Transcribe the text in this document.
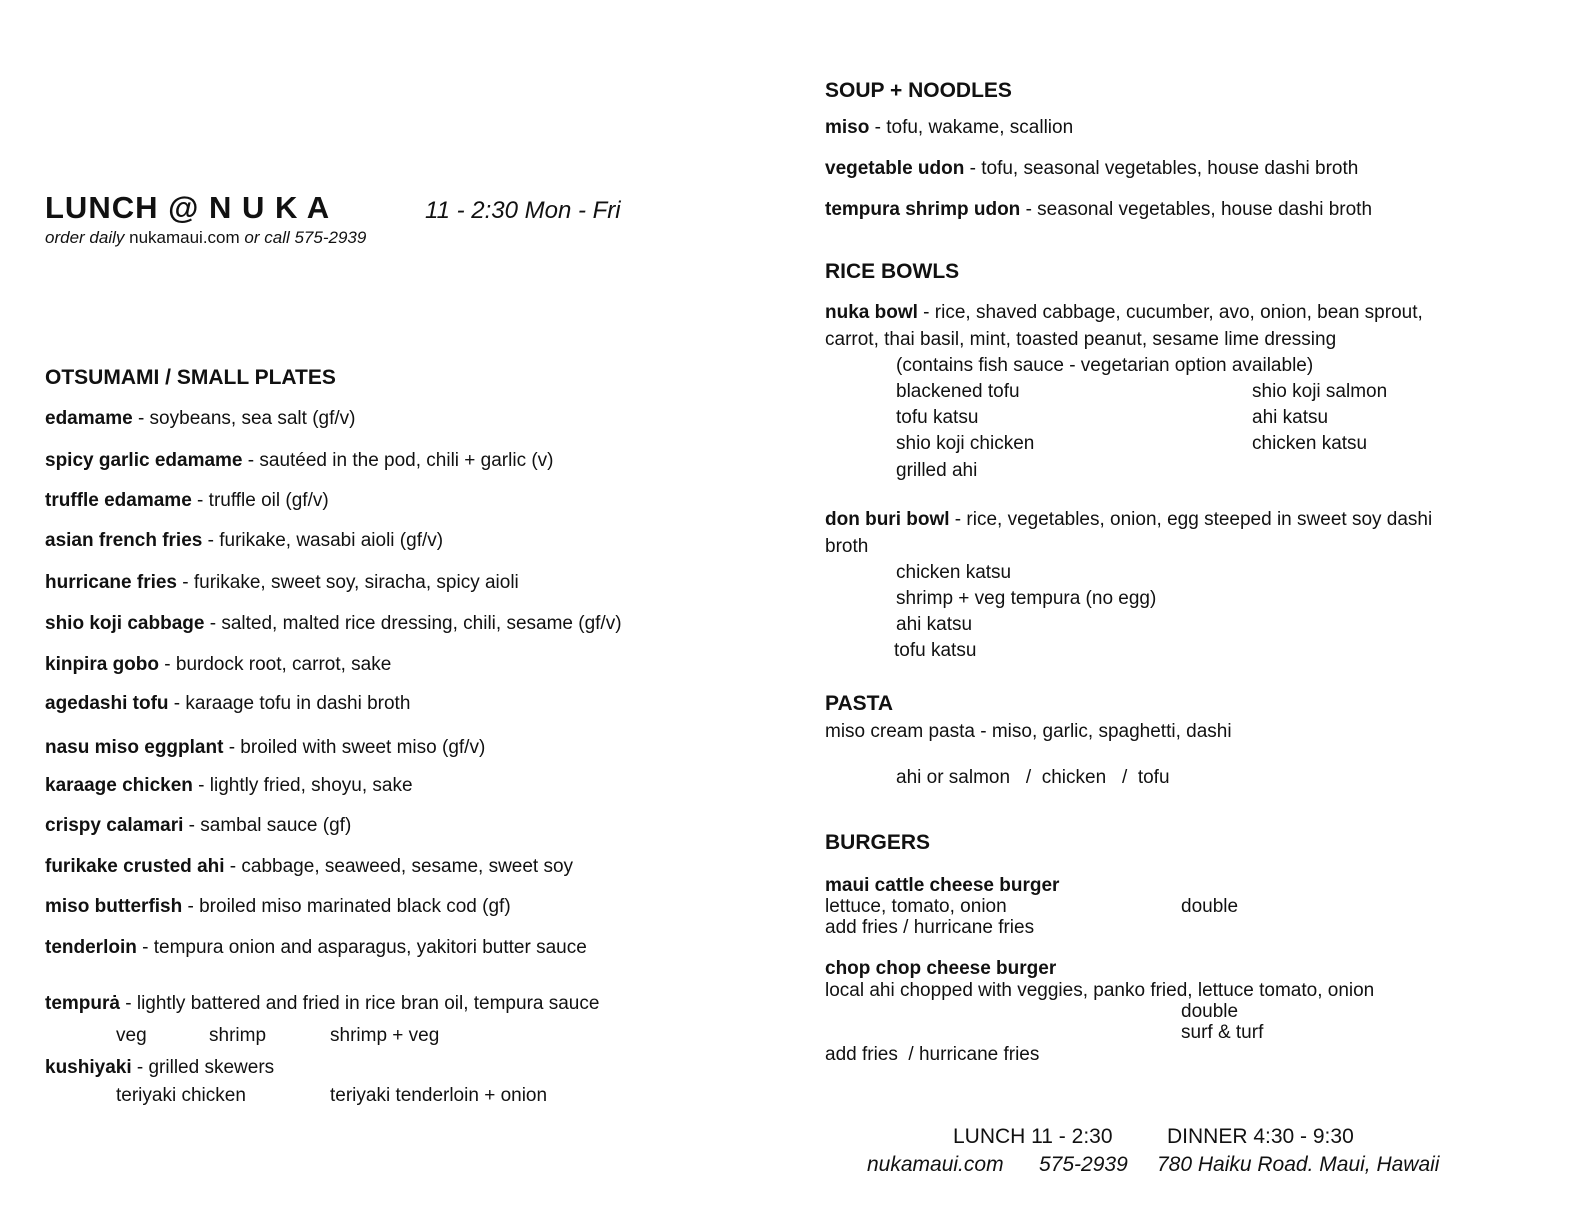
LUNCH @ N U K A	11 - 2:30 Mon - Fri
order daily nukamaui.com or call 575-2939
OTSUMAMI / SMALL PLATES
edamame - soybeans, sea salt (gf/v)
spicy garlic edamame - sautéed in the pod, chili + garlic (v)
truffle edamame - truffle oil (gf/v)
asian french fries - furikake, wasabi aioli (gf/v)
hurricane fries - furikake, sweet soy, siracha, spicy aioli
shio koji cabbage - salted, malted rice dressing, chili, sesame (gf/v)
kinpira gobo - burdock root, carrot, sake
agedashi tofu - karaage tofu in dashi broth
nasu miso eggplant - broiled with sweet miso (gf/v)
karaage chicken - lightly fried, shoyu, sake
crispy calamari - sambal sauce (gf)
furikake crusted ahi - cabbage, seaweed, sesame, sweet soy
miso butterfish - broiled miso marinated black cod (gf)
tenderloin - tempura onion and asparagus, yakitori butter sauce
tempurȧ - lightly battered and fried in rice bran oil, tempura sauce
veg	shrimp	shrimp + veg
kushiyaki - grilled skewers
teriyaki chicken	teriyaki tenderloin + onion
SOUP + NOODLES
miso - tofu, wakame, scallion
vegetable udon - tofu, seasonal vegetables, house dashi broth
tempura shrimp udon - seasonal vegetables, house dashi broth
RICE BOWLS
nuka bowl - rice, shaved cabbage, cucumber, avo, onion, bean sprout,
carrot, thai basil, mint, toasted peanut, sesame lime dressing
(contains fish sauce - vegetarian option available)
blackened tofu
tofu katsu
shio koji chicken
grilled ahi
shio koji salmon
ahi katsu
chicken katsu
don buri bowl - rice, vegetables, onion, egg steeped in sweet soy dashi
broth
chicken katsu
shrimp + veg tempura (no egg)
ahi katsu
tofu katsu
PASTA
miso cream pasta - miso, garlic, spaghetti, dashi
ahi or salmon   /  chicken   /  tofu
BURGERS
maui cattle cheese burger
lettuce, tomato, onion	double
add fries / hurricane fries
chop chop cheese burger
local ahi chopped with veggies, panko fried, lettuce tomato, onion
double
surf & turf
add fries  / hurricane fries
LUNCH 11 - 2:30	DINNER 4:30 - 9:30
nukamaui.com 575-2939 780 Haiku Road. Maui, Hawaii
